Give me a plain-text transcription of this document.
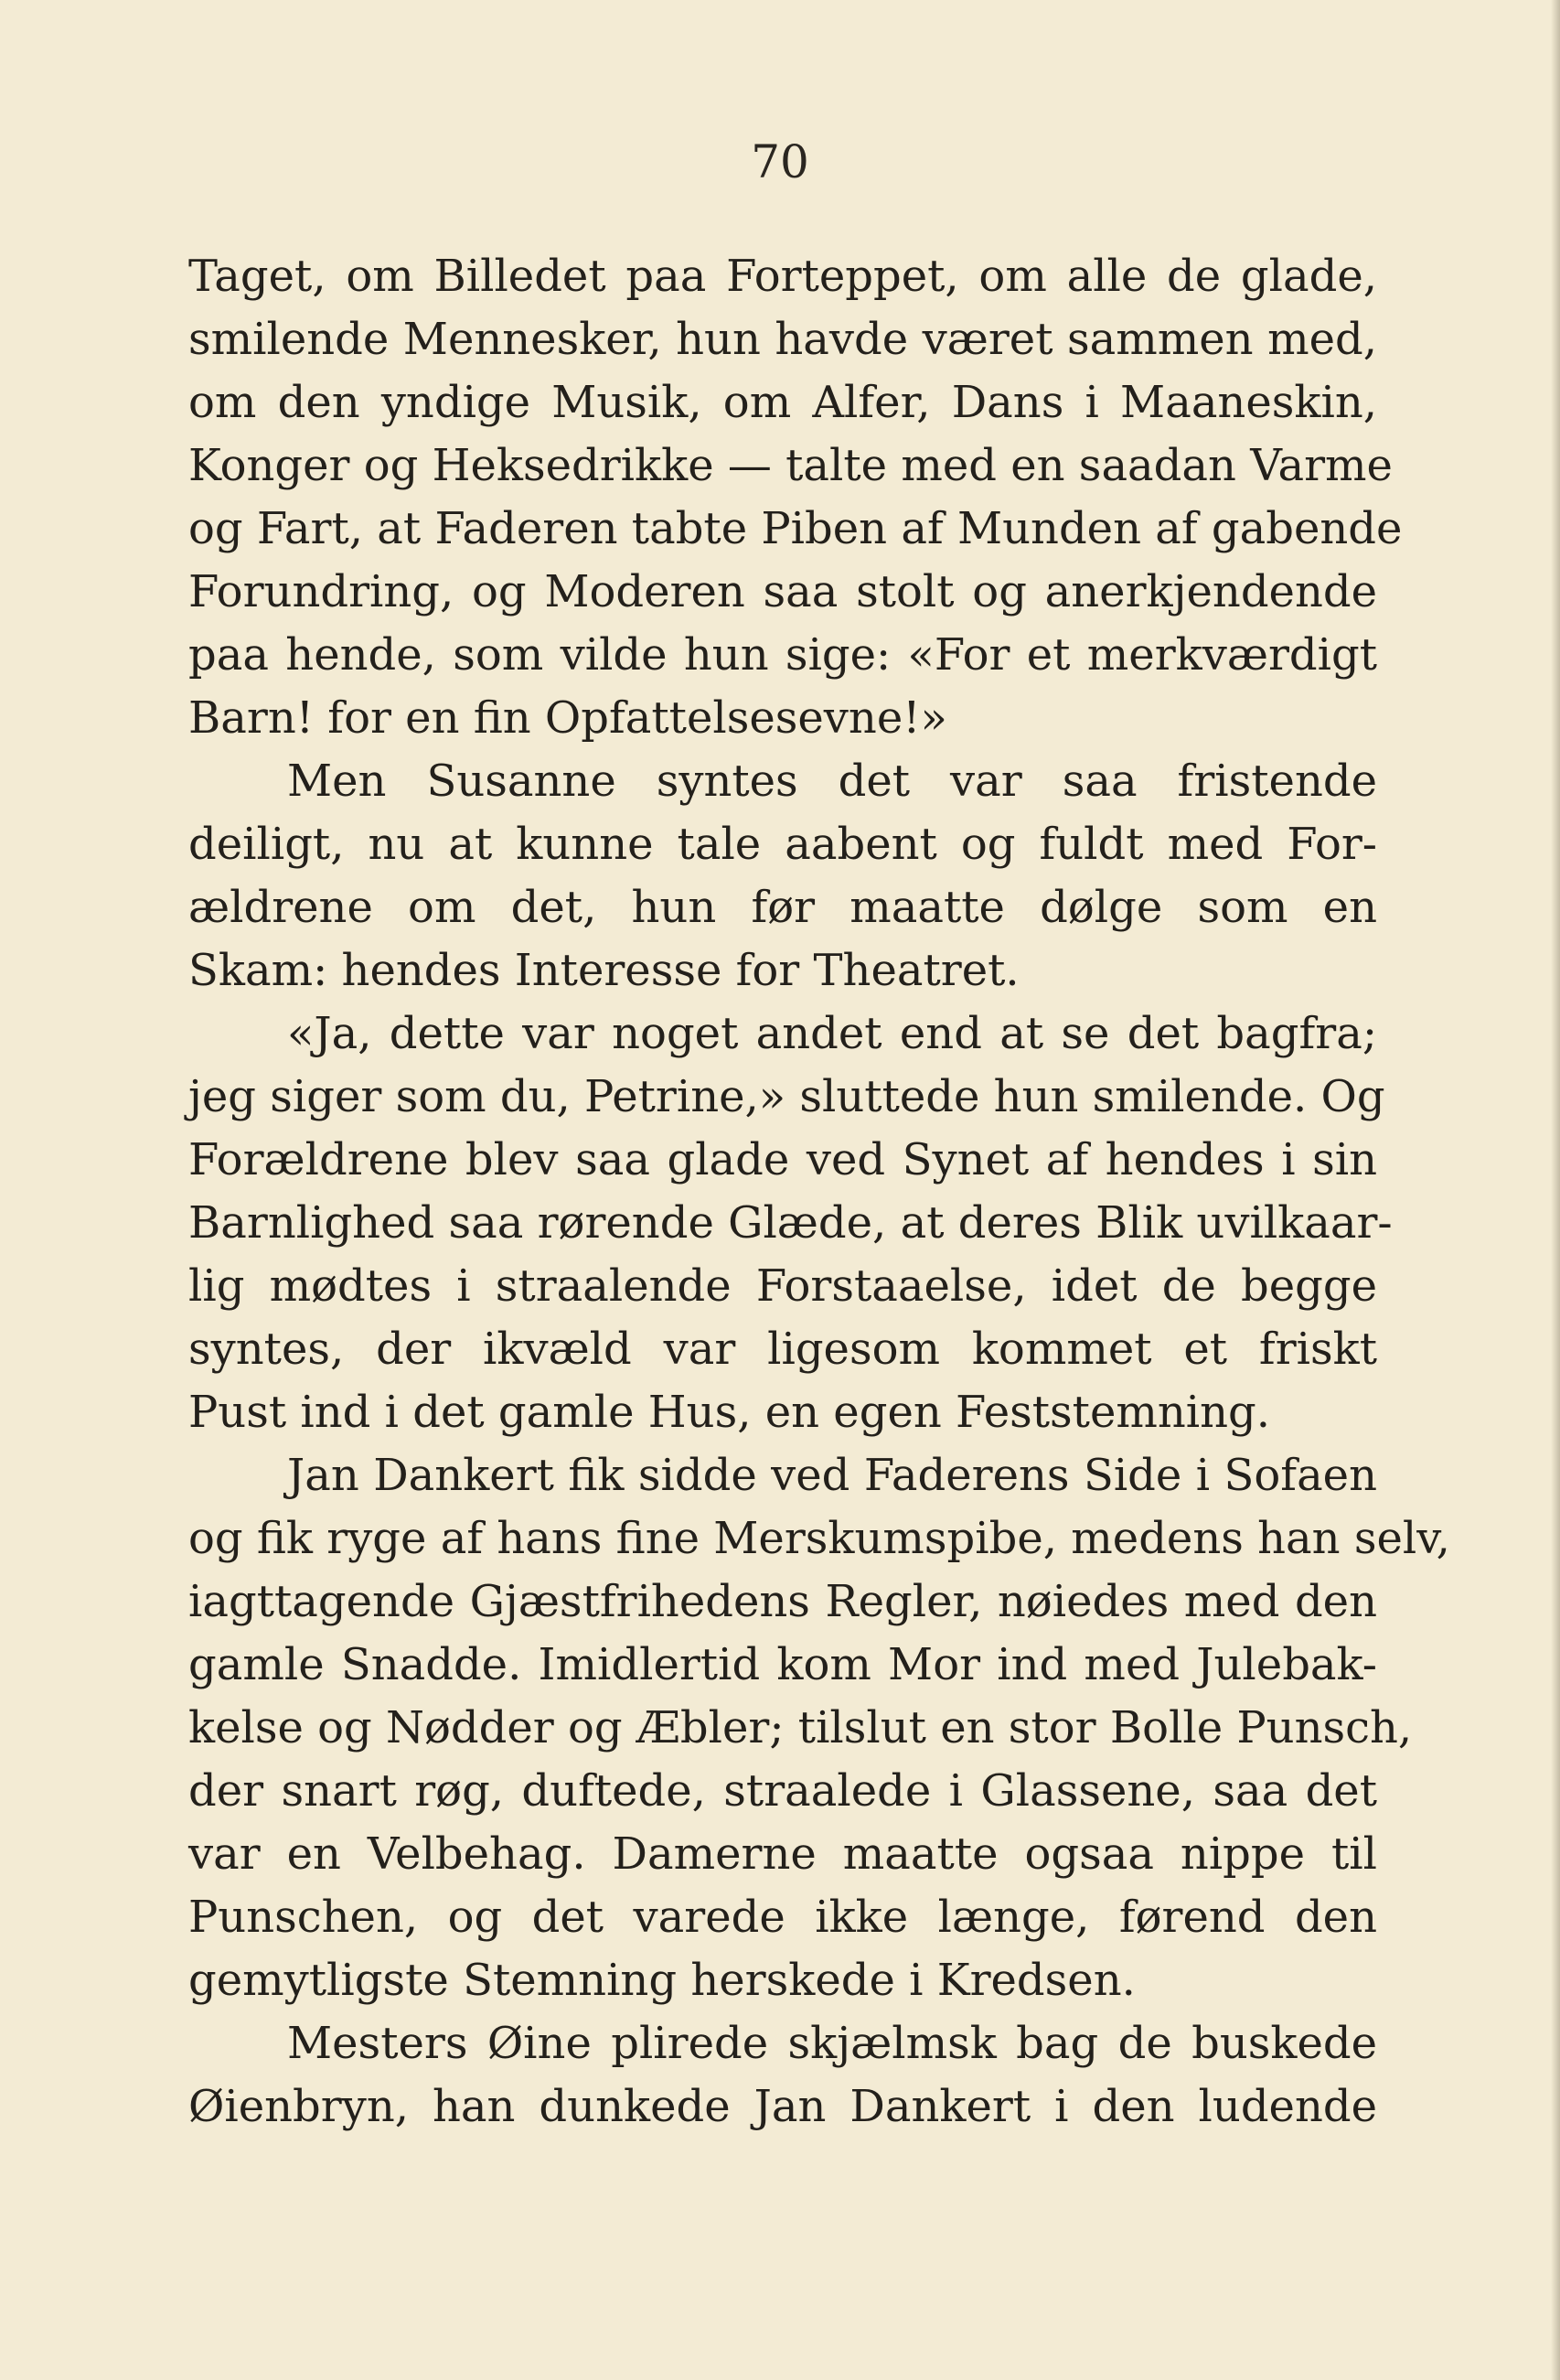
70
Taget, om Billedet paa Forteppet, om alle de glade,
smilende Mennesker, hun havde været sammen med,
om den yndige Musik, om Alfer, Dans i Maaneskin,
Konger og Heksedrikke — talte med en saadan Varme
og Fart, at Faderen tabte Piben af Munden af gabende
Forundring, og Moderen saa stolt og anerkjendende
paa hende, som vilde hun sige: «For et merkværdigt
Barn! for en fin Opfattelsesevne!»
Men Susanne syntes det var saa fristende
deiligt, nu at kunne tale aabent og fuldt med For-
ældrene om det, hun før maatte dølge som en
Skam: hendes Interesse for Theatret.
«Ja, dette var noget andet end at se det bagfra;
jeg siger som du, Petrine,» sluttede hun smilende. Og
Forældrene blev saa glade ved Synet af hendes i sin
Barnlighed saa rørende Glæde, at deres Blik uvilkaar-
lig mødtes i straalende Forstaaelse, idet de begge
syntes, der ikvæld var ligesom kommet et friskt
Pust ind i det gamle Hus, en egen Feststemning.
Jan Dankert fik sidde ved Faderens Side i Sofaen
og fik ryge af hans fine Merskumspibe, medens han selv,
iagttagende Gjæstfrihedens Regler, nøiedes med den
gamle Snadde. Imidlertid kom Mor ind med Julebak-
kelse og Nødder og Æbler; tilslut en stor Bolle Punsch,
der snart røg, duftede, straalede i Glassene, saa det
var en Velbehag. Damerne maatte ogsaa nippe til
Punschen, og det varede ikke længe, førend den
gemytligste Stemning herskede i Kredsen.
Mesters Øine plirede skjælmsk bag de buskede
Øienbryn, han dunkede Jan Dankert i den ludende
